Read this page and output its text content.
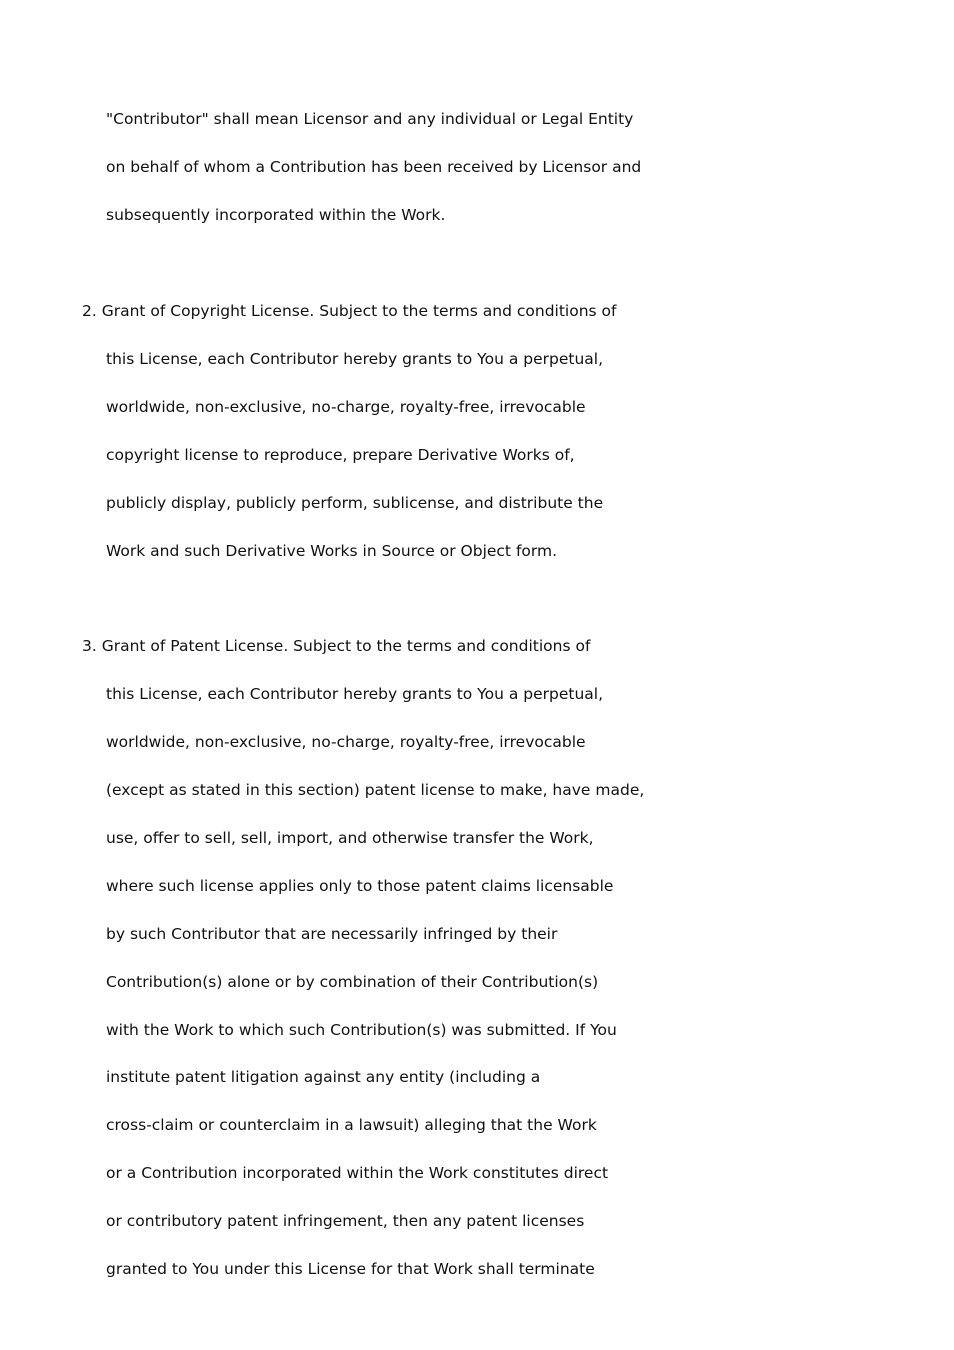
"Contributor" shall mean Licensor and any individual or Legal Entity

on behalf of whom a Contribution has been received by Licensor and

subsequently incorporated within the Work.

2. Grant of Copyright License. Subject to the terms and conditions of

this License, each Contributor hereby grants to You a perpetual,

worldwide, non-exclusive, no-charge, royalty-free, irrevocable

copyright license to reproduce, prepare Derivative Works of,

publicly display, publicly perform, sublicense, and distribute the

Work and such Derivative Works in Source or Object form.

3. Grant of Patent License. Subject to the terms and conditions of

this License, each Contributor hereby grants to You a perpetual,

worldwide, non-exclusive, no-charge, royalty-free, irrevocable

(except as stated in this section) patent license to make, have made,

use, offer to sell, sell, import, and otherwise transfer the Work,

where such license applies only to those patent claims licensable

by such Contributor that are necessarily infringed by their

Contribution(s) alone or by combination of their Contribution(s)

with the Work to which such Contribution(s) was submitted. If You

institute patent litigation against any entity (including a

cross-claim or counterclaim in a lawsuit) alleging that the Work

or a Contribution incorporated within the Work constitutes direct

or contributory patent infringement, then any patent licenses

granted to You under this License for that Work shall terminate
